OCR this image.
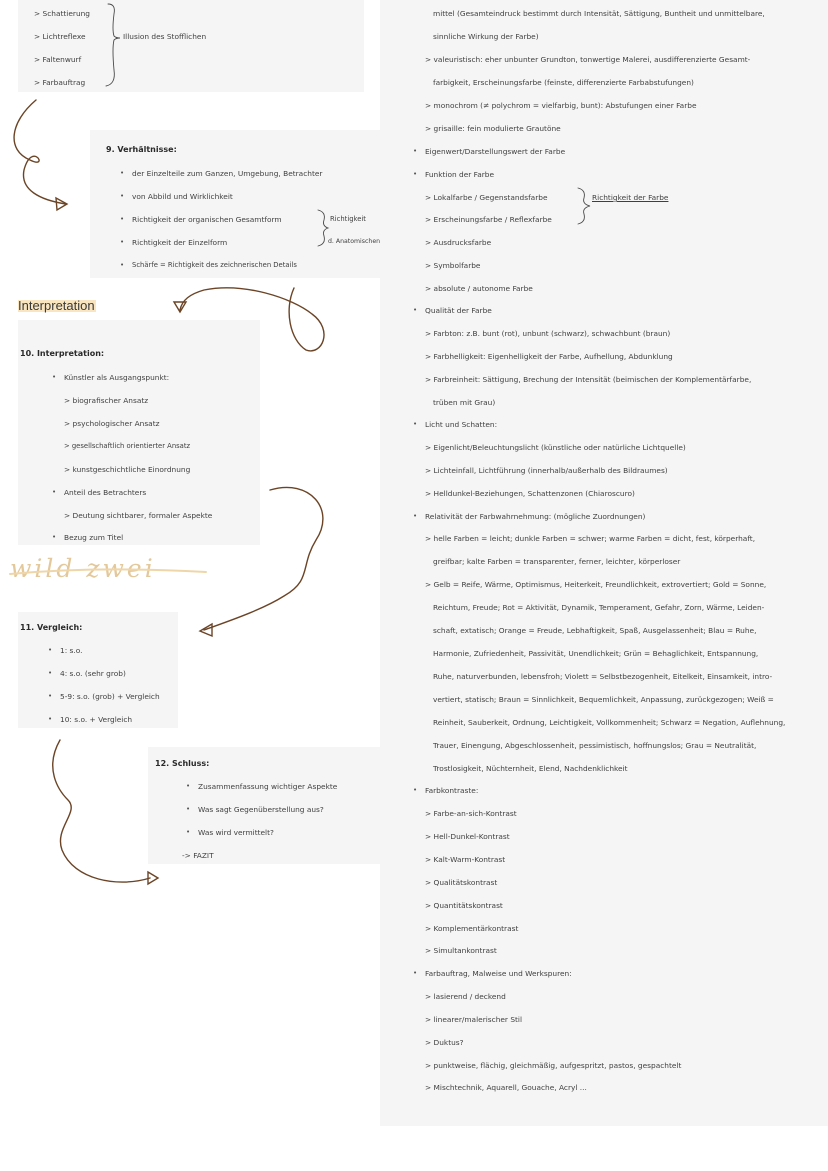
> Schattierung
> Lichtreflexe
> Faltenwurf
> Farbauftrag
Illusion des Stofflichen
9. Verhältnisse:
• der Einzelteile zum Ganzen, Umgebung, Betrachter
• von Abbild und Wirklichkeit
• Richtigkeit der organischen Gesamtform
• Richtigkeit der Einzelform
• Schärfe = Richtigkeit des zeichnerischen Details
Richtigkeit
d. Anatomischen
Interpretation
10. Interpretation:
• Künstler als Ausgangspunkt:
> biografischer Ansatz
> psychologischer Ansatz
> gesellschaftlich orientierter Ansatz
> kunstgeschichtliche Einordnung
• Anteil des Betrachters
> Deutung sichtbarer, formaler Aspekte
• Bezug zum Titel
wild zwei
11. Vergleich:
• 1: s.o.
• 4: s.o. (sehr grob)
• 5-9: s.o. (grob) + Vergleich
• 10: s.o. + Vergleich
12. Schluss:
• Zusammenfassung wichtiger Aspekte
• Was sagt Gegenüberstellung aus?
• Was wird vermittelt?
-> FAZIT
mittel (Gesamteindruck bestimmt durch Intensität, Sättigung, Buntheit und unmittelbare,
sinnliche Wirkung der Farbe)
> valeuristisch: eher unbunter Grundton, tonwertige Malerei, ausdifferenzierte Gesamt-
farbigkeit, Erscheinungsfarbe (feinste, differenzierte Farbabstufungen)
> monochrom (≠ polychrom = vielfarbig, bunt): Abstufungen einer Farbe
> grisaille: fein modulierte Grautöne
• Eigenwert/Darstellungswert der Farbe
• Funktion der Farbe
> Lokalfarbe / Gegenstandsfarbe
> Erscheinungsfarbe / Reflexfarbe
Richtigkeit der Farbe
> Ausdrucksfarbe
> Symbolfarbe
> absolute / autonome Farbe
• Qualität der Farbe
> Farbton: z.B. bunt (rot), unbunt (schwarz), schwachbunt (braun)
> Farbhelligkeit: Eigenhelligkeit der Farbe, Aufhellung, Abdunklung
> Farbreinheit: Sättigung, Brechung der Intensität (beimischen der Komplementärfarbe,
trüben mit Grau)
• Licht und Schatten:
> Eigenlicht/Beleuchtungslicht (künstliche oder natürliche Lichtquelle)
> Lichteinfall, Lichtführung (innerhalb/außerhalb des Bildraumes)
> Helldunkel-Beziehungen, Schattenzonen (Chiaroscuro)
• Relativität der Farbwahrnehmung: (mögliche Zuordnungen)
> helle Farben = leicht; dunkle Farben = schwer; warme Farben = dicht, fest, körperhaft,
greifbar; kalte Farben = transparenter, ferner, leichter, körperloser
> Gelb = Reife, Wärme, Optimismus, Heiterkeit, Freundlichkeit, extrovertiert; Gold = Sonne,
Reichtum, Freude; Rot = Aktivität, Dynamik, Temperament, Gefahr, Zorn, Wärme, Leiden-
schaft, extatisch; Orange = Freude, Lebhaftigkeit, Spaß, Ausgelassenheit; Blau = Ruhe,
Harmonie, Zufriedenheit, Passivität, Unendlichkeit; Grün = Behaglichkeit, Entspannung,
Ruhe, naturverbunden, lebensfroh; Violett = Selbstbezogenheit, Eitelkeit, Einsamkeit, intro-
vertiert, statisch; Braun = Sinnlichkeit, Bequemlichkeit, Anpassung, zurückgezogen; Weiß =
Reinheit, Sauberkeit, Ordnung, Leichtigkeit, Vollkommenheit; Schwarz = Negation, Auflehnung,
Trauer, Einengung, Abgeschlossenheit, pessimistisch, hoffnungslos; Grau = Neutralität,
Trostlosigkeit, Nüchternheit, Elend, Nachdenklichkeit
• Farbkontraste:
> Farbe-an-sich-Kontrast
> Hell-Dunkel-Kontrast
> Kalt-Warm-Kontrast
> Qualitätskontrast
> Quantitätskontrast
> Komplementärkontrast
> Simultankontrast
• Farbauftrag, Malweise und Werkspuren:
> lasierend / deckend
> linearer/malerischer Stil
> Duktus?
> punktweise, flächig, gleichmäßig, aufgespritzt, pastos, gespachtelt
> Mischtechnik, Aquarell, Gouache, Acryl ...
